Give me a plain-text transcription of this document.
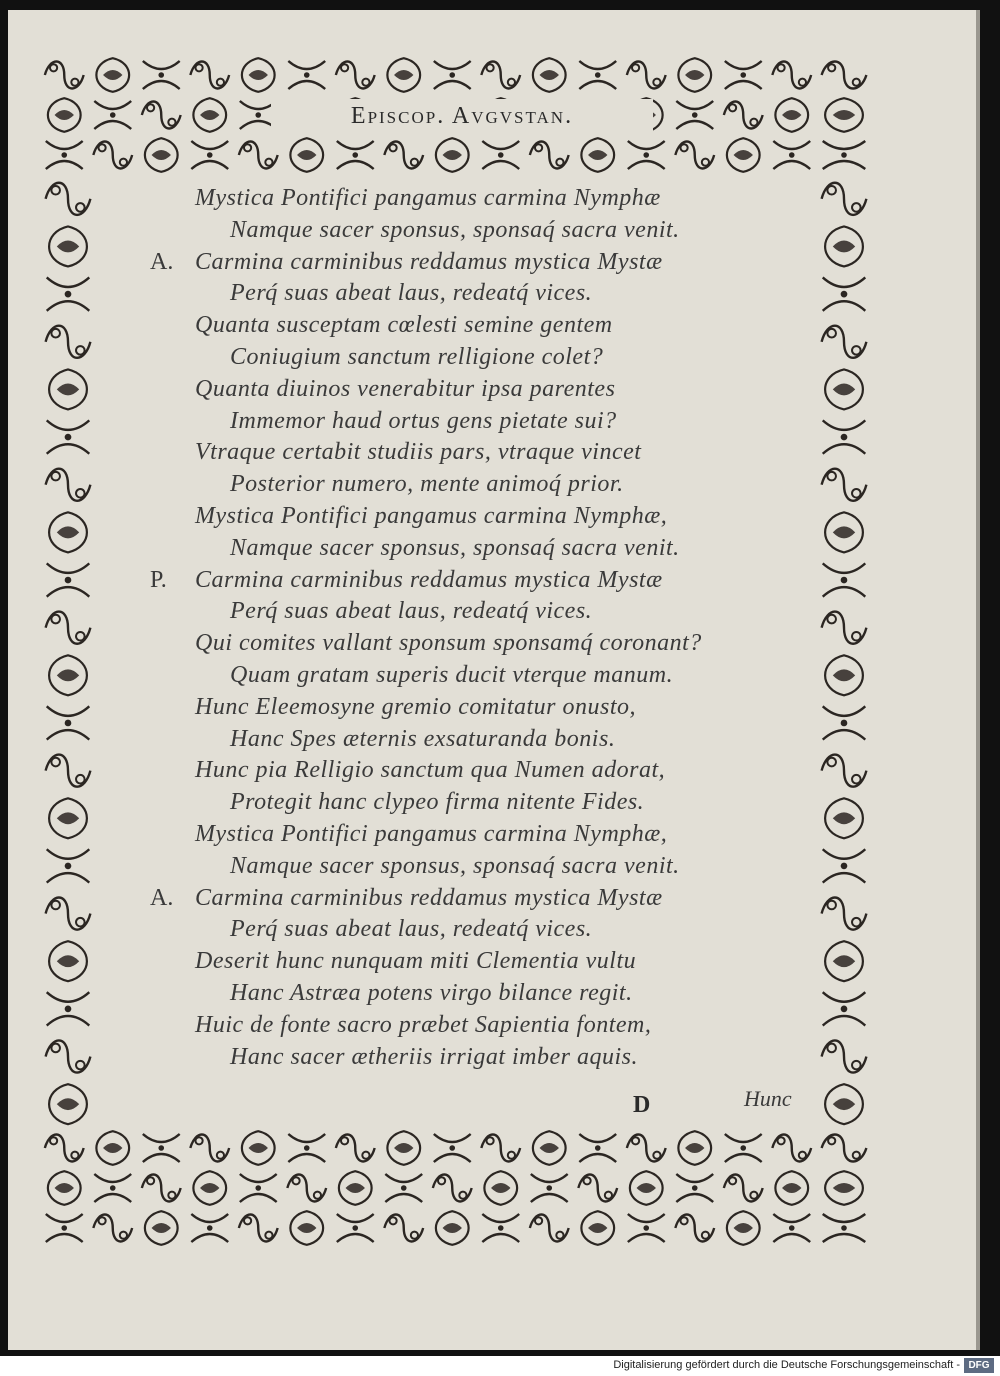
Episcop. Avgvstan.
Mystica Pontifici pangamus carmina Nymphæ
Namque sacer sponsus, sponsaq́ sacra venit.
A. Carmina carminibus reddamus mystica Mystæ
Perq́ suas abeat laus, redeatq́ vices.
Quanta susceptam cœlesti semine gentem
Coniugium sanctum relligione colet?
Quanta diuinos venerabitur ipsa parentes
Immemor haud ortus gens pietate sui?
Vtraque certabit studiis pars, vtraque vincet
Posterior numero, mente animoq́ prior.
Mystica Pontifici pangamus carmina Nymphæ,
Namque sacer sponsus, sponsaq́ sacra venit.
P. Carmina carminibus reddamus mystica Mystæ
Perq́ suas abeat laus, redeatq́ vices.
Qui comites vallant sponsum sponsamq́ coronant?
Quam gratam superis ducit vterque manum.
Hunc Eleemosyne gremio comitatur onusto,
Hanc Spes æternis exsaturanda bonis.
Hunc pia Relligio sanctum qua Numen adorat,
Protegit hanc clypeo firma nitente Fides.
Mystica Pontifici pangamus carmina Nymphæ,
Namque sacer sponsus, sponsaq́ sacra venit.
A. Carmina carminibus reddamus mystica Mystæ
Perq́ suas abeat laus, redeatq́ vices.
Deserit hunc nunquam miti Clementia vultu
Hanc Astræa potens virgo bilance regit.
Huic de fonte sacro præbet Sapientia fontem,
Hanc sacer ætheriis irrigat imber aquis.
D	Hunc
Digitalisierung gefördert durch die Deutsche Forschungsgemeinschaft - DFG
